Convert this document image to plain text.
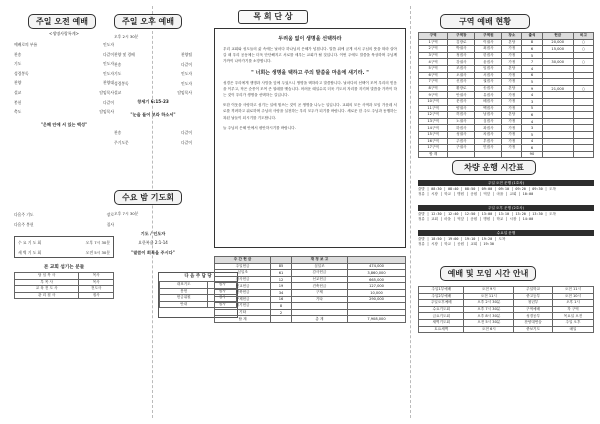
주일 오전 예배
<생명사랑특계>
예배로의 부름	인도자
찬송	다같이
기도	인도자
성경봉독	인도자
찬양	찬양대
설교	담임목사
봉헌	다같이
축도	담임목사
"은혜 안에 서 있는 백성"
다음주 기도	장로
다음주 봉헌	집사
수 요 기 도 회	오후 7시 30분
새 벽 기 도 회	오전 5시 30분
본 교회 섬기는 분들
담 임 목 사	목사
부 목 사	목사
교 육 전 도 사	전도사
관 리 집 사	집사
주일 오후 예배
오후 2시 30분
찬양 및 경배	찬양팀
찬송	다같이
기도	인도자
성경봉독	인도자
설교	담임목사
창세기 6:15-23
"눈을 들어 보라 하소서"
찬송	다같이
주기도문	다같이
수요 밤 기도회
오후 7시 30분
기도 / 인도자
요한복음 2:1-14
"말씀이 회복을 주시다"
다 음 주 담 당
대표기도	집사
봉헌	집사
헌금위원	집사
안내	집사
목 회 단 상
두려움 없이 생명을 선택하라
우리 교회와 성도들의 삶 속에는 날마다 하나님의 은혜가 넘칩니다. 말씀 위에 굳게 서서 주님의 뜻을 따라 살아갈 때 우리 공동체는 더욱 단단해지고 서로를 세우는 교회가 될 것입니다. 이번 주에도 말씀을 묵상하며 주님께 가까이 나아가기를 소망합니다.
" 너희는 생명을 택하고 주의 말씀을 마음에 새기라. "
성경은 우리에게 생명과 사망을 앞에 두었으니 생명을 택하라고 말씀합니다. 날마다의 선택이 모여 우리의 믿음을 이루고, 작은 순종이 모여 큰 열매를 맺습니다. 어려운 때일수록 더욱 기도의 자리를 지키며 말씀을 가까이 하는 것이 우리가 생명을 선택하는 길입니다.
또한 이웃을 사랑하고 섬기는 일에 힘쓰는 것이 곧 생명을 나누는 일입니다. 교회의 모든 사역과 모임 가운데 서로를 격려하고 위로하며 주님의 사랑을 실천하는 우리 모두가 되기를 바랍니다. 새로운 한 주도 주님과 동행하는 복된 날들이 되시기를 기도합니다.
늘 주님의 은혜 안에서 평안하시기를 바랍니다.
주 간 헌 금		재 정 보 고	
주일헌금	85	십일조	474,000
십일조	61	감사헌금	3,860,000
감사헌금	12	선교헌금	665,000
선교헌금	19	건축헌금	127,000
건축헌금	34	구제	10,000
구제헌금	16	기타	290,000
절기헌금	8		
기타	2		
합 계		총 계	7,908,000
구역 예배 현황
구역	구역장	구역원	장소	출석	헌금	비고
1구역	김장로	이권사	본당	8	20,000	○
2구역	박권사	최집사	가정	6	15,000	○
3구역	정집사	한집사	가정	5		
4구역	강권사	윤집사	가정	7	30,000	○
5구역	조집사	임집사	본당	4		
6구역	오권사	서집사	가정	6		
7구역	신집사	권집사	가정	5		
8구역	황장로	송집사	본당	9	21,000	○
9구역	안권사	유집사	가정	4		
10구역	문집사	배집사	가정	3		
11구역	양권사	백집사	가정	5		
12구역	허집사	남집사	본당	6		
13구역	노권사	심집사	가정	4		
14구역	하집사	곽집사	가정	3		
15구역	성권사	차집사	가정	5		
16구역	주집사	우집사	가정	4		
17구역	구권사	민집사	가정	6		
합 계				90		
차량 운행 시간표
주일 오전 운행 (1호차)
출발 │ 08:30 │ 08:40 │ 08:50 │ 09:00 │ 09:10 │ 09:20 │ 09:30 │ 도착
정류 │ 시장 │ 학교 │ 병원 │ 공원 │ 역앞 │ 마을 │ 교회 │ 10:00
주일 오후 운행 (2호차)
출발 │ 12:30 │ 12:40 │ 12:50 │ 13:00 │ 13:10 │ 13:20 │ 13:30 │ 도착
정류 │ 교회 │ 마을 │ 역앞 │ 공원 │ 병원 │ 학교 │ 시장 │ 14:00
수요일 운행
출발 │ 18:50 │ 19:00 │ 19:10 │ 19:20 │ 도착
정류 │ 시장 │ 학교 │ 공원 │ 교회 │ 19:30
예배 및 모임 시간 안내
주일1부예배	오전 9시	주일학교	오전 11시
주일2부예배	오전 11시	중고등부	오전 10시
주일오후예배	오후 2시 30분	청년부	오후 1시
수요기도회	오후 7시 30분	구역예배	각 구역
금요기도회	오후 8시 30분	성경공부	목요일 오전
새벽기도회	오전 5시 30분	찬양대연습	주일 오후
토요새벽	오전 6시	중보기도	매일
